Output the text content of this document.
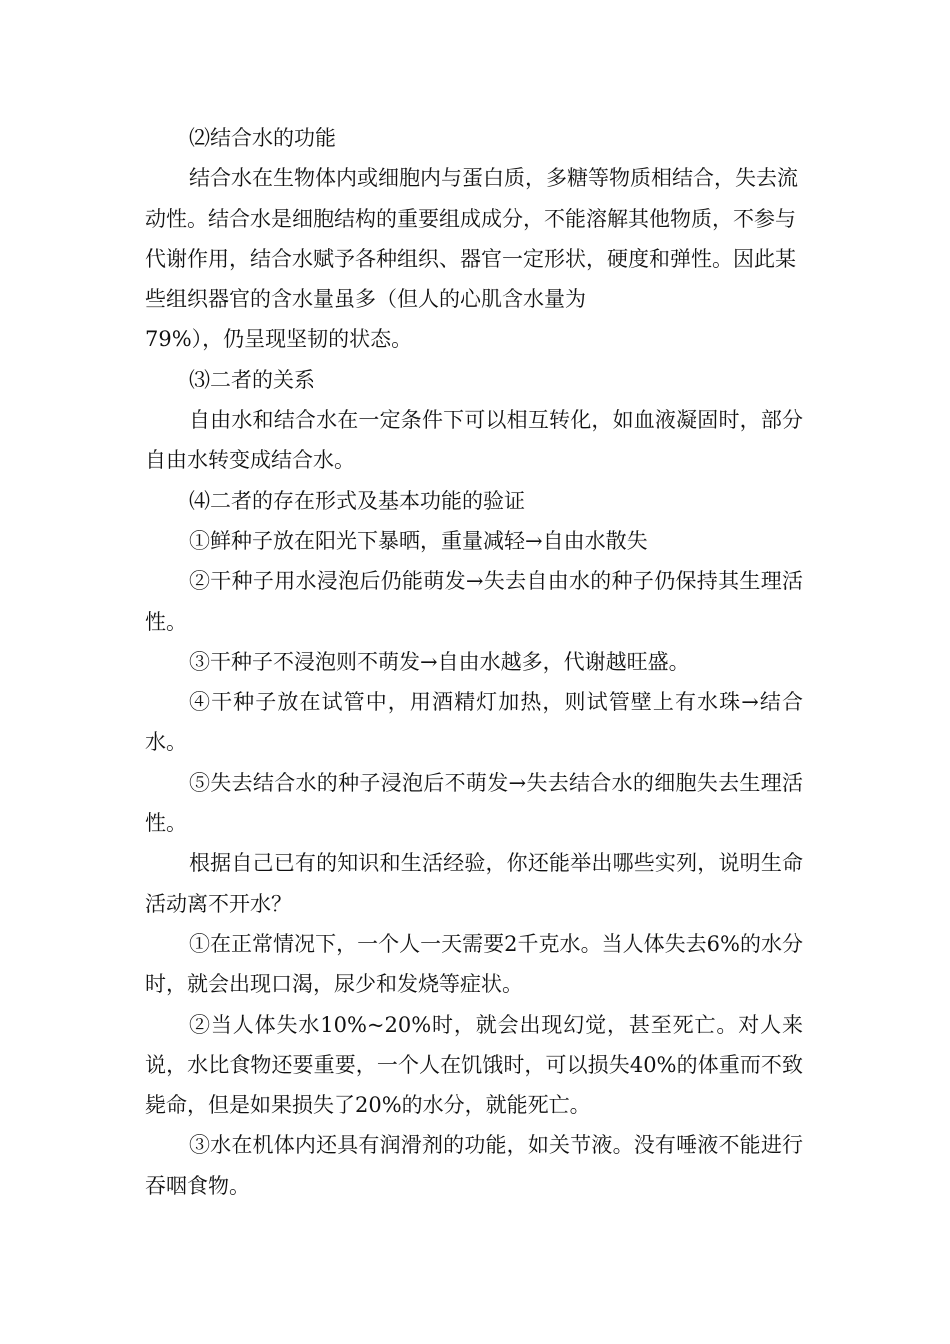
⑵结合水的功能

结合水在生物体内或细胞内与蛋白质，多糖等物质相结合，失去流动性。结合水是细胞结构的重要组成成分，不能溶解其他物质，不参与代谢作用，结合水赋予各种组织、器官一定形状，硬度和弹性。因此某些组织器官的含水量虽多（但人的心肌含水量为

79%），仍呈现坚韧的状态。

⑶二者的关系

自由水和结合水在一定条件下可以相互转化，如血液凝固时，部分自由水转变成结合水。

⑷二者的存在形式及基本功能的验证

①鲜种子放在阳光下暴晒，重量减轻→自由水散失

②干种子用水浸泡后仍能萌发→失去自由水的种子仍保持其生理活性。

③干种子不浸泡则不萌发→自由水越多，代谢越旺盛。

④干种子放在试管中，用酒精灯加热，则试管壁上有水珠→结合水。

⑤失去结合水的种子浸泡后不萌发→失去结合水的细胞失去生理活性。

根据自己已有的知识和生活经验，你还能举出哪些实列，说明生命活动离不开水？

①在正常情况下，一个人一天需要2千克水。当人体失去6%的水分时，就会出现口渴，尿少和发烧等症状。

②当人体失水10%~20%时，就会出现幻觉，甚至死亡。对人来说，水比食物还要重要，一个人在饥饿时，可以损失40%的体重而不致毙命，但是如果损失了20%的水分，就能死亡。

③水在机体内还具有润滑剂的功能，如关节液。没有唾液不能进行吞咽食物。
